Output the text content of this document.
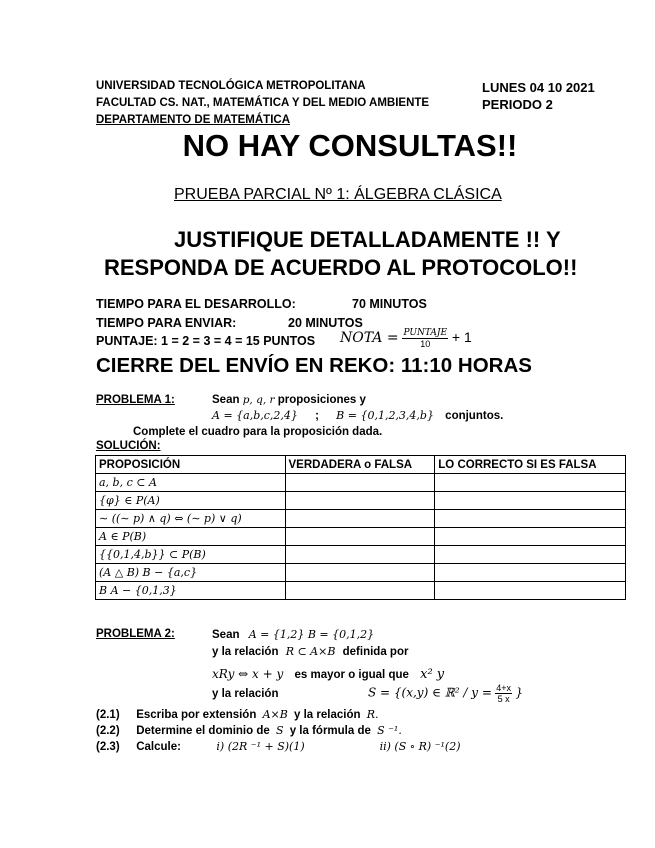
UNIVERSIDAD TECNOLÓGICA METROPOLITANA
FACULTAD CS. NAT., MATEMÁTICA Y DEL MEDIO AMBIENTE
DEPARTAMENTO DE MATEMÁTICA
LUNES 04 10 2021
PERIODO 2
NO HAY CONSULTAS!!
PRUEBA PARCIAL Nº 1: ÁLGEBRA CLÁSICA
JUSTIFIQUE DETALLADAMENTE !! Y
RESPONDA DE ACUERDO AL PROTOCOLO!!
TIEMPO PARA EL DESARROLLO:	70 MINUTOS
TIEMPO PARA ENVIAR:	20 MINUTOS
PUNTAJE: 1 = 2 = 3 = 4 = 15 PUNTOS NOTA = $\frac{\text{PUNTAJE}}{10} + 1$
CIERRE DEL ENVÍO EN REKO: 11:10 HORAS
PROBLEMA 1:	Sean p, q, r proposiciones y
A = {a,b,c,2,4} ; B = {0,1,2,3,4,b} conjuntos.
Complete el cuadro para la proposición dada.
SOLUCIÓN:
PROPOSICIÓN	VERDADERA o FALSA	LO CORRECTO SI ES FALSA
a, b, c ⊂ A		
{φ} ∈ P(A)		
∼ ((∼ p) ∧ q) ⇔ (∼ p) ∨ q)		
A ∈ P(B)		
{{0,1,4,b}} ⊂ P(B)		
(A △ B) B − {a,c}		
B A − {0,1,3}		
PROBLEMA 2:	Sean A = {1,2} B = {0,1,2}
y la relación R ⊂ A×B definida por
xRy ⇔ x + y es mayor o igual que x² y
y la relación	S = {(x,y) ∈ ℝ² / $y = \frac{4+x}{5 x}$ }
(2.1) Escriba por extensión A×B y la relación R.
(2.2) Determine el dominio de S y la fórmula de S ⁻¹.
(2.3) Calcule:	i) (2R ⁻¹ + S)(1)	ii) (S ∘ R) ⁻¹(2)
